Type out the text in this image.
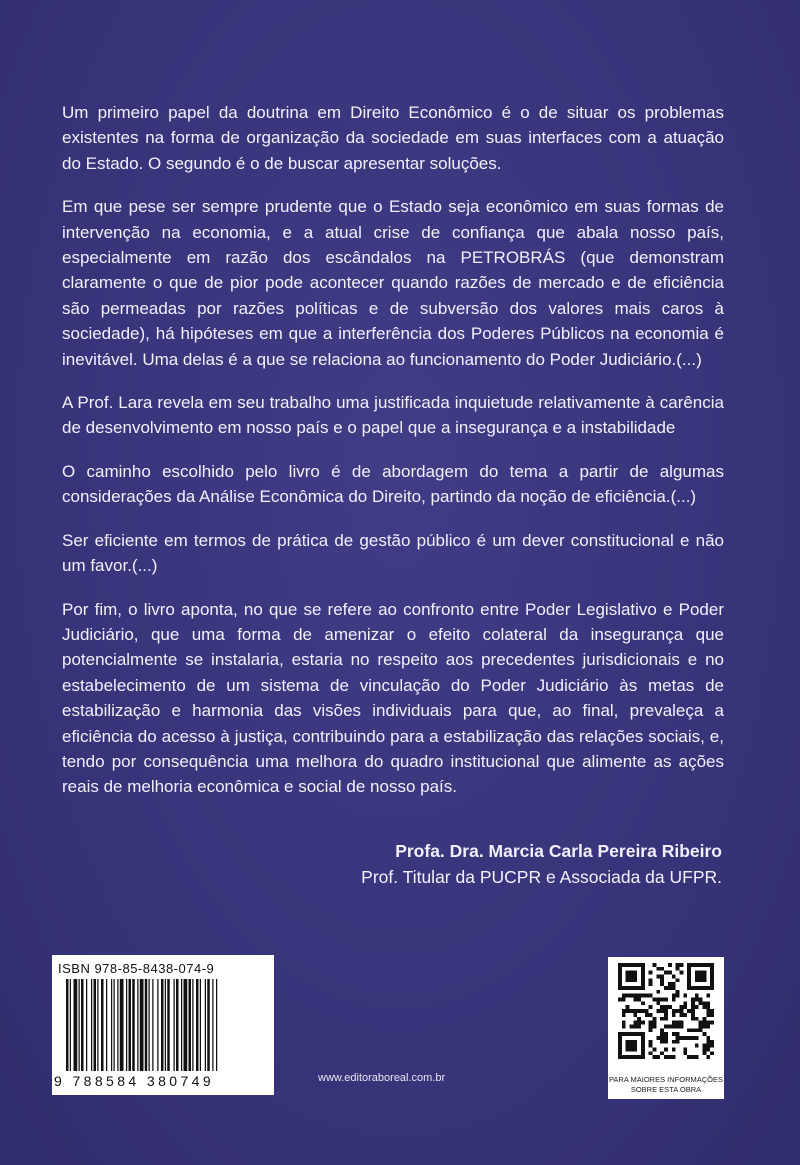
Um primeiro papel da doutrina em Direito Econômico é o de situar os problemas existentes na forma de organização da sociedade em suas interfaces com a atuação do Estado. O segundo é o de buscar apresentar soluções.

Em que pese ser sempre prudente que o Estado seja econômico em suas formas de intervenção na economia, e a atual crise de confiança que abala nosso país, especialmente em razão dos escândalos na PETROBRÁS (que demonstram claramente o que de pior pode acontecer quando razões de mercado e de eficiência são permeadas por razões políticas e de subversão dos valores mais caros à sociedade), há hipóteses em que a interferência dos Poderes Públicos na economia é inevitável. Uma delas é a que se relaciona ao funcionamento do Poder Judiciário.(...)

A Prof. Lara revela em seu trabalho uma justificada inquietude relativamente à carência de desenvolvimento em nosso país e o papel que a insegurança e a instabilidade

O caminho escolhido pelo livro é de abordagem do tema a partir de algumas considerações da Análise Econômica do Direito, partindo da noção de eficiência.(...)

Ser eficiente em termos de prática de gestão público é um dever constitucional e não um favor.(...)

Por fim, o livro aponta, no que se refere ao confronto entre Poder Legislativo e Poder Judiciário, que uma forma de amenizar o efeito colateral da insegurança que potencialmente se instalaria, estaria no respeito aos precedentes jurisdicionais e no estabelecimento de um sistema de vinculação do Poder Judiciário às metas de estabilização e harmonia das visões individuais para que, ao final, prevaleça a eficiência do acesso à justiça, contribuindo para a estabilização das relações sociais, e, tendo por consequência uma melhora do quadro institucional que alimente as ações reais de melhoria econômica e social de nosso país.

Profa. Dra. Marcia Carla Pereira Ribeiro
Prof. Titular da PUCPR e Associada da UFPR.
ISBN 978-85-8438-074-9
9 788584 380749	www.editoraboreal.com.br	PARA MAIORES INFORMAÇÕES
SOBRE ESTA OBRA
